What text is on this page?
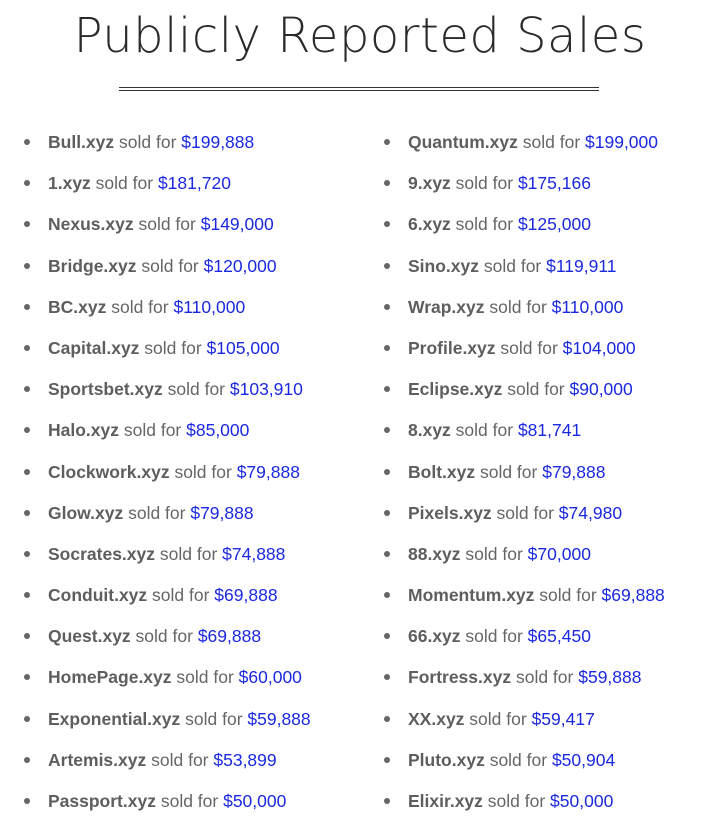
Publicly Reported Sales
Bull.xyz sold for $199,888
1.xyz sold for $181,720
Nexus.xyz sold for $149,000
Bridge.xyz sold for $120,000
BC.xyz sold for $110,000
Capital.xyz sold for $105,000
Sportsbet.xyz sold for $103,910
Halo.xyz sold for $85,000
Clockwork.xyz sold for $79,888
Glow.xyz sold for $79,888
Socrates.xyz sold for $74,888
Conduit.xyz sold for $69,888
Quest.xyz sold for $69,888
HomePage.xyz sold for $60,000
Exponential.xyz sold for $59,888
Artemis.xyz sold for $53,899
Passport.xyz sold for $50,000
Quantum.xyz sold for $199,000
9.xyz sold for $175,166
6.xyz sold for $125,000
Sino.xyz sold for $119,911
Wrap.xyz sold for $110,000
Profile.xyz sold for $104,000
Eclipse.xyz sold for $90,000
8.xyz sold for $81,741
Bolt.xyz sold for $79,888
Pixels.xyz sold for $74,980
88.xyz sold for $70,000
Momentum.xyz sold for $69,888
66.xyz sold for $65,450
Fortress.xyz sold for $59,888
XX.xyz sold for $59,417
Pluto.xyz sold for $50,904
Elixir.xyz sold for $50,000
